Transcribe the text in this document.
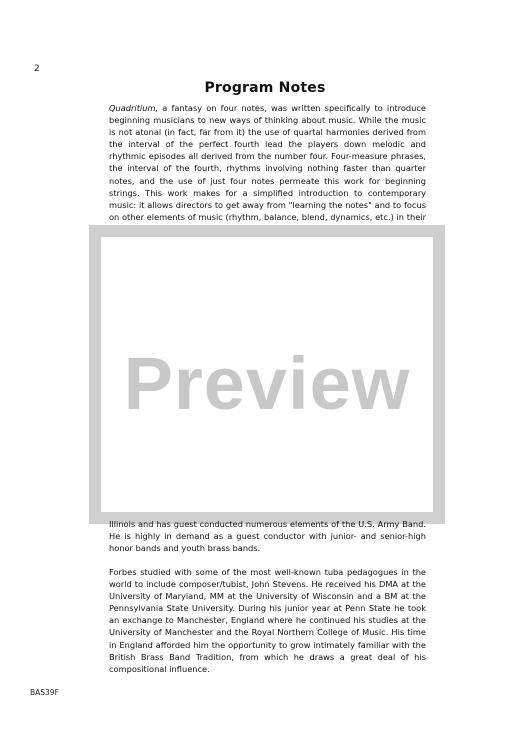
2
Program Notes

Quadritium, a fantasy on four notes, was written specifically to introduce beginning musicians to new ways of thinking about music. While the music is not atonal (in fact, far from it) the use of quartal harmonies derived from the interval of the perfect fourth lead the players down melodic and rhythmic episodes all derived from the number four. Four-measure phrases, the interval of the fourth, rhythms involving nothing faster than quarter notes, and the use of just four notes permeate this work for beginning strings. This work makes for a simplified introduction to contemporary music: it allows directors to get away from "learning the notes" and to focus on other elements of music (rhythm, balance, blend, dynamics, etc.) in their

Preview

Illinois and has guest conducted numerous elements of the U.S. Army Band. He is highly in demand as a guest conductor with junior- and senior-high honor bands and youth brass bands.

Forbes studied with some of the most well-known tuba pedagogues in the world to include composer/tubist, John Stevens. He received his DMA at the University of Maryland, MM at the University of Wisconsin and a BM at the Pennsylvania State University. During his junior year at Penn State he took an exchange to Manchester, England where he continued his studies at the University of Manchester and the Royal Northern College of Music. His time in England afforded him the opportunity to grow intimately familiar with the British Brass Band Tradition, from which he draws a great deal of his compositional influence.

BAS39F
